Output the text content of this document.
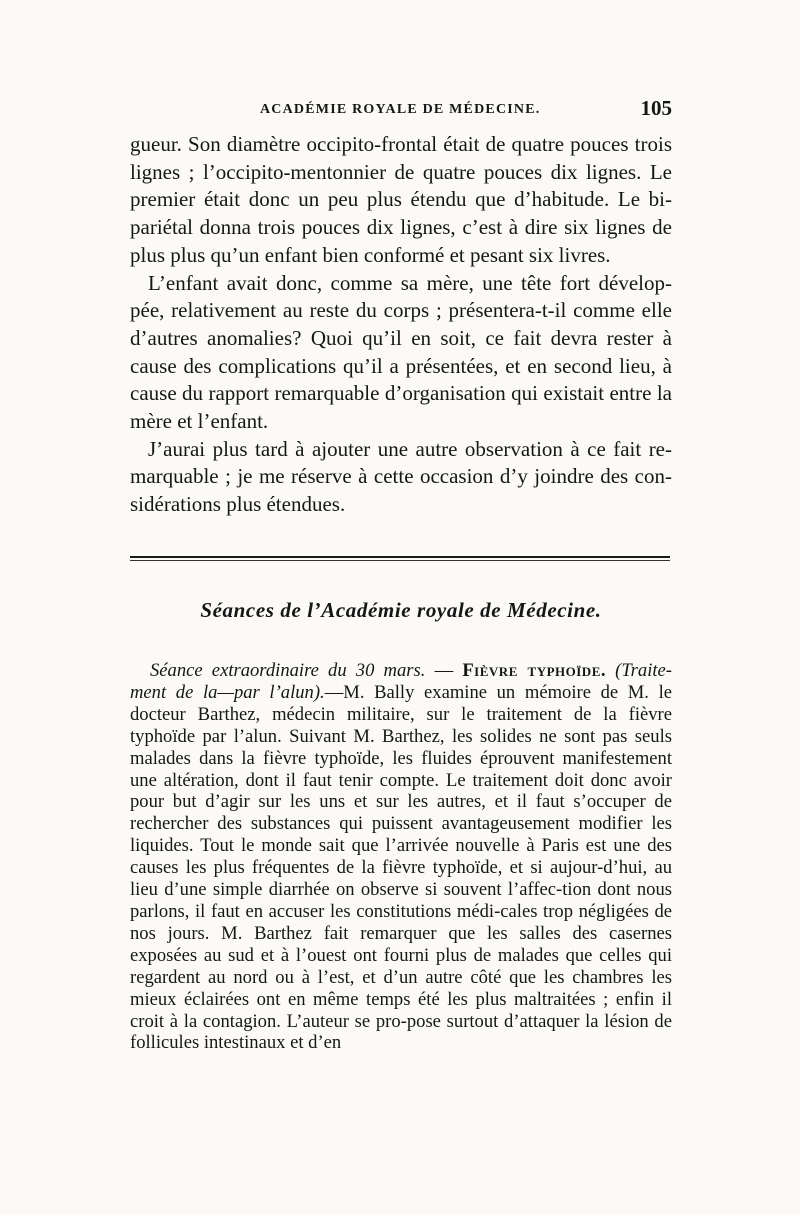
ACADÉMIE ROYALE DE MÉDECINE.	105

gueur. Son diamètre occipito-frontal était de quatre pouces trois lignes ; l’occipito-mentonnier de quatre pouces dix lignes. Le premier était donc un peu plus étendu que d’habitude. Le bi-pariétal donna trois pouces dix lignes, c’est à dire six lignes de plus plus qu’un enfant bien conformé et pesant six livres.

L’enfant avait donc, comme sa mère, une tête fort dévelop-pée, relativement au reste du corps ; présentera-t-il comme elle d’autres anomalies? Quoi qu’il en soit, ce fait devra rester à cause des complications qu’il a présentées, et en second lieu, à cause du rapport remarquable d’organisation qui existait entre la mère et l’enfant.

J’aurai plus tard à ajouter une autre observation à ce fait re-marquable ; je me réserve à cette occasion d’y joindre des con-sidérations plus étendues.

Séances de l’Académie royale de Médecine.
Séance extraordinaire du 30 mars. — Fièvre typhoïde. (Traite-ment de la—par l’alun).—M. Bally examine un mémoire de M. le docteur Barthez, médecin militaire, sur le traitement de la fièvre typhoïde par l’alun. Suivant M. Barthez, les solides ne sont pas seuls malades dans la fièvre typhoïde, les fluides éprouvent manifestement une altération, dont il faut tenir compte. Le traitement doit donc avoir pour but d’agir sur les uns et sur les autres, et il faut s’occuper de rechercher des substances qui puissent avantageusement modifier les liquides. Tout le monde sait que l’arrivée nouvelle à Paris est une des causes les plus fréquentes de la fièvre typhoïde, et si aujour-d’hui, au lieu d’une simple diarrhée on observe si souvent l’affec-tion dont nous parlons, il faut en accuser les constitutions médi-cales trop négligées de nos jours. M. Barthez fait remarquer que les salles des casernes exposées au sud et à l’ouest ont fourni plus de malades que celles qui regardent au nord ou à l’est, et d’un autre côté que les chambres les mieux éclairées ont en même temps été les plus maltraitées ; enfin il croit à la contagion. L’auteur se pro-pose surtout d’attaquer la lésion de follicules intestinaux et d’en
